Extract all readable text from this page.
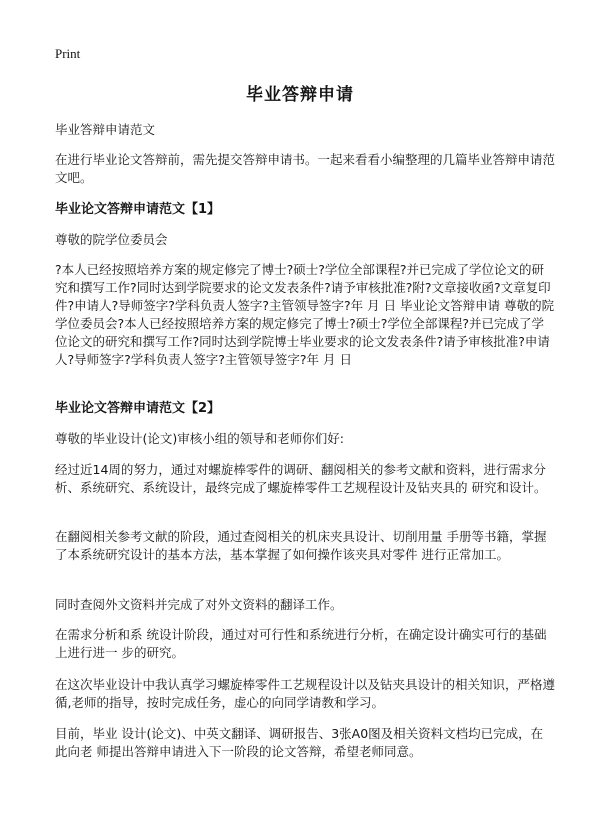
Print
毕业答辩申请
毕业答辩申请范文
在进行毕业论文答辩前，需先提交答辩申请书。一起来看看小编整理的几篇毕业答辩申请范文吧。
毕业论文答辩申请范文【1】
尊敬的院学位委员会
?本人已经按照培养方案的规定修完了博士?硕士?学位全部课程?并已完成了学位论文的研究和撰写工作?同时达到学院要求的论文发表条件?请予审核批准?附?文章接收函?文章复印件?申请人?导师签字?学科负责人签字?主管领导签字?年 月 日 毕业论文答辩申请 尊敬的院学位委员会?本人已经按照培养方案的规定修完了博士?硕士?学位全部课程?并已完成了学位论文的研究和撰写工作?同时达到学院博士毕业要求的论文发表条件?请予审核批准?申请人?导师签字?学科负责人签字?主管领导签字?年 月 日
毕业论文答辩申请范文【2】
尊敬的毕业设计(论文)审核小组的领导和老师你们好:
经过近14周的努力，通过对螺旋棒零件的调研、翻阅相关的参考文献和资料，进行需求分析、系统研究、系统设计，最终完成了螺旋棒零件工艺规程设计及钻夹具的 研究和设计。
在翻阅相关参考文献的阶段，通过查阅相关的机床夹具设计、切削用量 手册等书籍，掌握了本系统研究设计的基本方法，基本掌握了如何操作该夹具对零件 进行正常加工。
同时查阅外文资料并完成了对外文资料的翻译工作。
在需求分析和系 统设计阶段，通过对可行性和系统进行分析，在确定设计确实可行的基础上进行进一 步的研究。
在这次毕业设计中我认真学习螺旋棒零件工艺规程设计以及钻夹具设计的相关知识，严格遵循,老师的指导，按时完成任务，虚心的向同学请教和学习。
目前，毕业 设计(论文)、中英文翻译、调研报告、3张A0图及相关资料文档均已完成，在此向老 师提出答辩申请进入下一阶段的论文答辩，希望老师同意。
